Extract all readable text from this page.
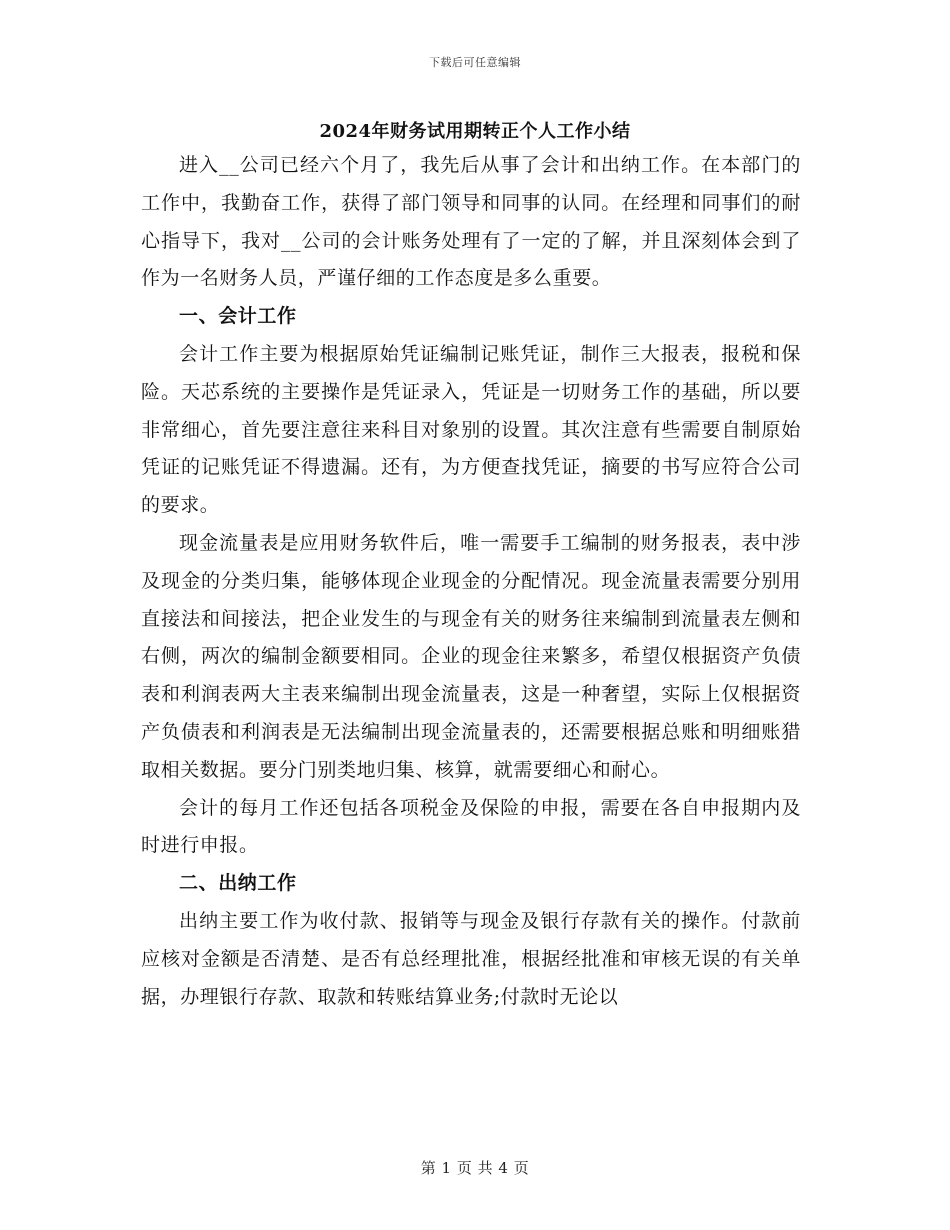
下载后可任意编辑
2024年财务试用期转正个人工作小结

进入__公司已经六个月了，我先后从事了会计和出纳工作。在本部门的工作中，我勤奋工作，获得了部门领导和同事的认同。在经理和同事们的耐心指导下，我对__公司的会计账务处理有了一定的了解，并且深刻体会到了作为一名财务人员，严谨仔细的工作态度是多么重要。

一、会计工作

会计工作主要为根据原始凭证编制记账凭证，制作三大报表，报税和保险。天芯系统的主要操作是凭证录入，凭证是一切财务工作的基础，所以要非常细心，首先要注意往来科目对象别的设置。其次注意有些需要自制原始凭证的记账凭证不得遗漏。还有，为方便查找凭证，摘要的书写应符合公司的要求。

现金流量表是应用财务软件后，唯一需要手工编制的财务报表，表中涉及现金的分类归集，能够体现企业现金的分配情况。现金流量表需要分别用直接法和间接法，把企业发生的与现金有关的财务往来编制到流量表左侧和右侧，两次的编制金额要相同。企业的现金往来繁多，希望仅根据资产负债表和利润表两大主表来编制出现金流量表，这是一种奢望，实际上仅根据资产负债表和利润表是无法编制出现金流量表的，还需要根据总账和明细账猎取相关数据。要分门别类地归集、核算，就需要细心和耐心。

会计的每月工作还包括各项税金及保险的申报，需要在各自申报期内及时进行申报。

二、出纳工作

出纳主要工作为收付款、报销等与现金及银行存款有关的操作。付款前应核对金额是否清楚、是否有总经理批准，根据经批准和审核无误的有关单据，办理银行存款、取款和转账结算业务;付款时无论以

第 1 页 共 4 页
